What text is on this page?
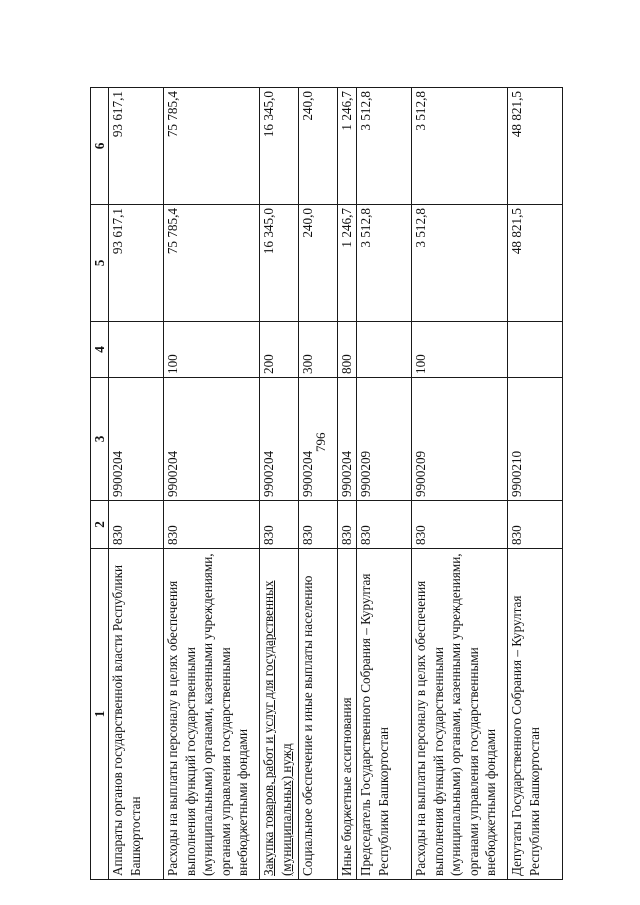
796
1	2	3	4	5	6
Аппараты органов государственной власти Республики Башкортостан	830	9900204		93 617,1	93 617,1
Расходы на выплаты персоналу в целях обеспечения выполнения функций государственными (муниципальными) органами, казенными учреждениями, органами управления государственными внебюджетными фондами	830	9900204	100	75 785,4	75 785,4
Закупка товаров, работ и услуг для государственных (муниципальных) нужд	830	9900204	200	16 345,0	16 345,0
Социальное обеспечение и иные выплаты населению	830	9900204	300	240,0	240,0
Иные бюджетные ассигнования	830	9900204	800	1 246,7	1 246,7
Председатель Государственного Собрания – Курултая Республики Башкортостан	830	9900209		3 512,8	3 512,8
Расходы на выплаты персоналу в целях обеспечения выполнения функций государственными (муниципальными) органами, казенными учреждениями, органами управления государственными внебюджетными фондами	830	9900209	100	3 512,8	3 512,8
Депутаты Государственного Собрания – Курултая Республики Башкортостан	830	9900210		48 821,5	48 821,5
